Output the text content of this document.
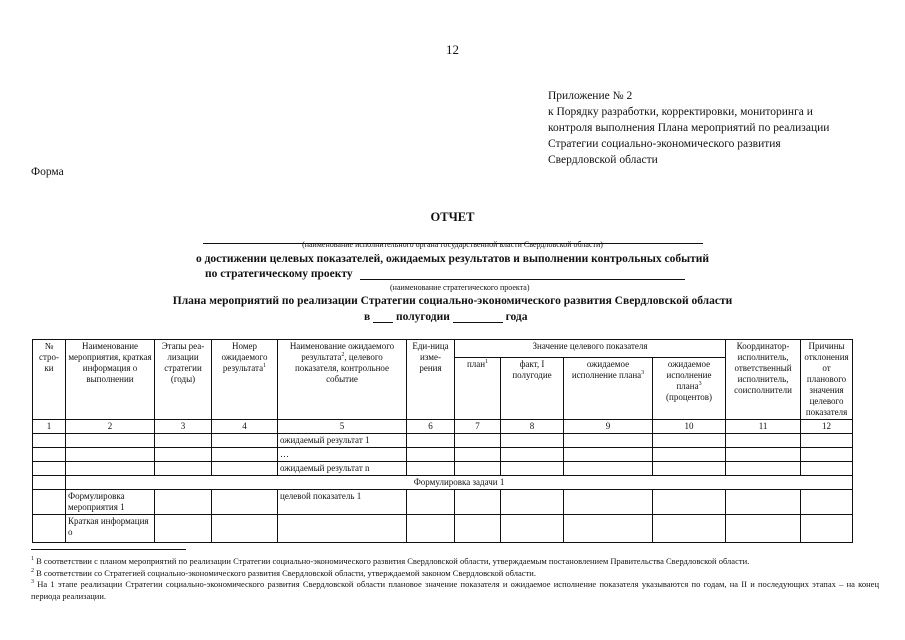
12
Приложение № 2
к Порядку разработки, корректировки, мониторинга и
контроля выполнения Плана мероприятий по реализации
Стратегии социально-экономического развития
Свердловской области
Форма
ОТЧЕТ
(наименование исполнительного органа государственной власти Свердловской области)
о достижении целевых показателей, ожидаемых результатов и выполнении контрольных событий
по стратегическому проекту
(наименование стратегического проекта)
Плана мероприятий по реализации Стратегии социально-экономического развития Свердловской области
в полугодии	года
№ стро-ки	Наименование мероприятия, краткая информация о выполнении	Этапы реа-лизации стратегии (годы)	Номер ожидаемого результата$^1$	Наименование ожидаемого результата$^2$, целевого показателя, контрольное событие	Еди-ница изме-рения	Значение целевого показателя				Координатор-исполнитель, ответственный исполнитель, соисполнители	Причины отклонения от планового значения целевого показателя
						план$^1$	факт, I полугодие	ожидаемое исполнение плана$^3$	ожидаемое исполнение плана$^3$ (процентов)		
1	2	3	4	5	6	7	8	9	10	11	12
				ожидаемый результат 1							
				…							
				ожидаемый результат n							
	Формулировка задачи 1										
	Формулировка мероприятия 1			целевой показатель 1							
	Краткая информация о										

$^1$ В соответствии с планом мероприятий по реализации Стратегии социально-экономического развития Свердловской области, утверждаемым постановлением Правительства Свердловской области.

$^2$ В соответствии со Стратегией социально-экономического развития Свердловской области, утверждаемой законом Свердловской области.

$^3$ На 1 этапе реализации Стратегии социально-экономического развития Свердловской области плановое значение показателя и ожидаемое исполнение показателя указываются по годам, на II и последующих этапах – на конец периода реализации.
